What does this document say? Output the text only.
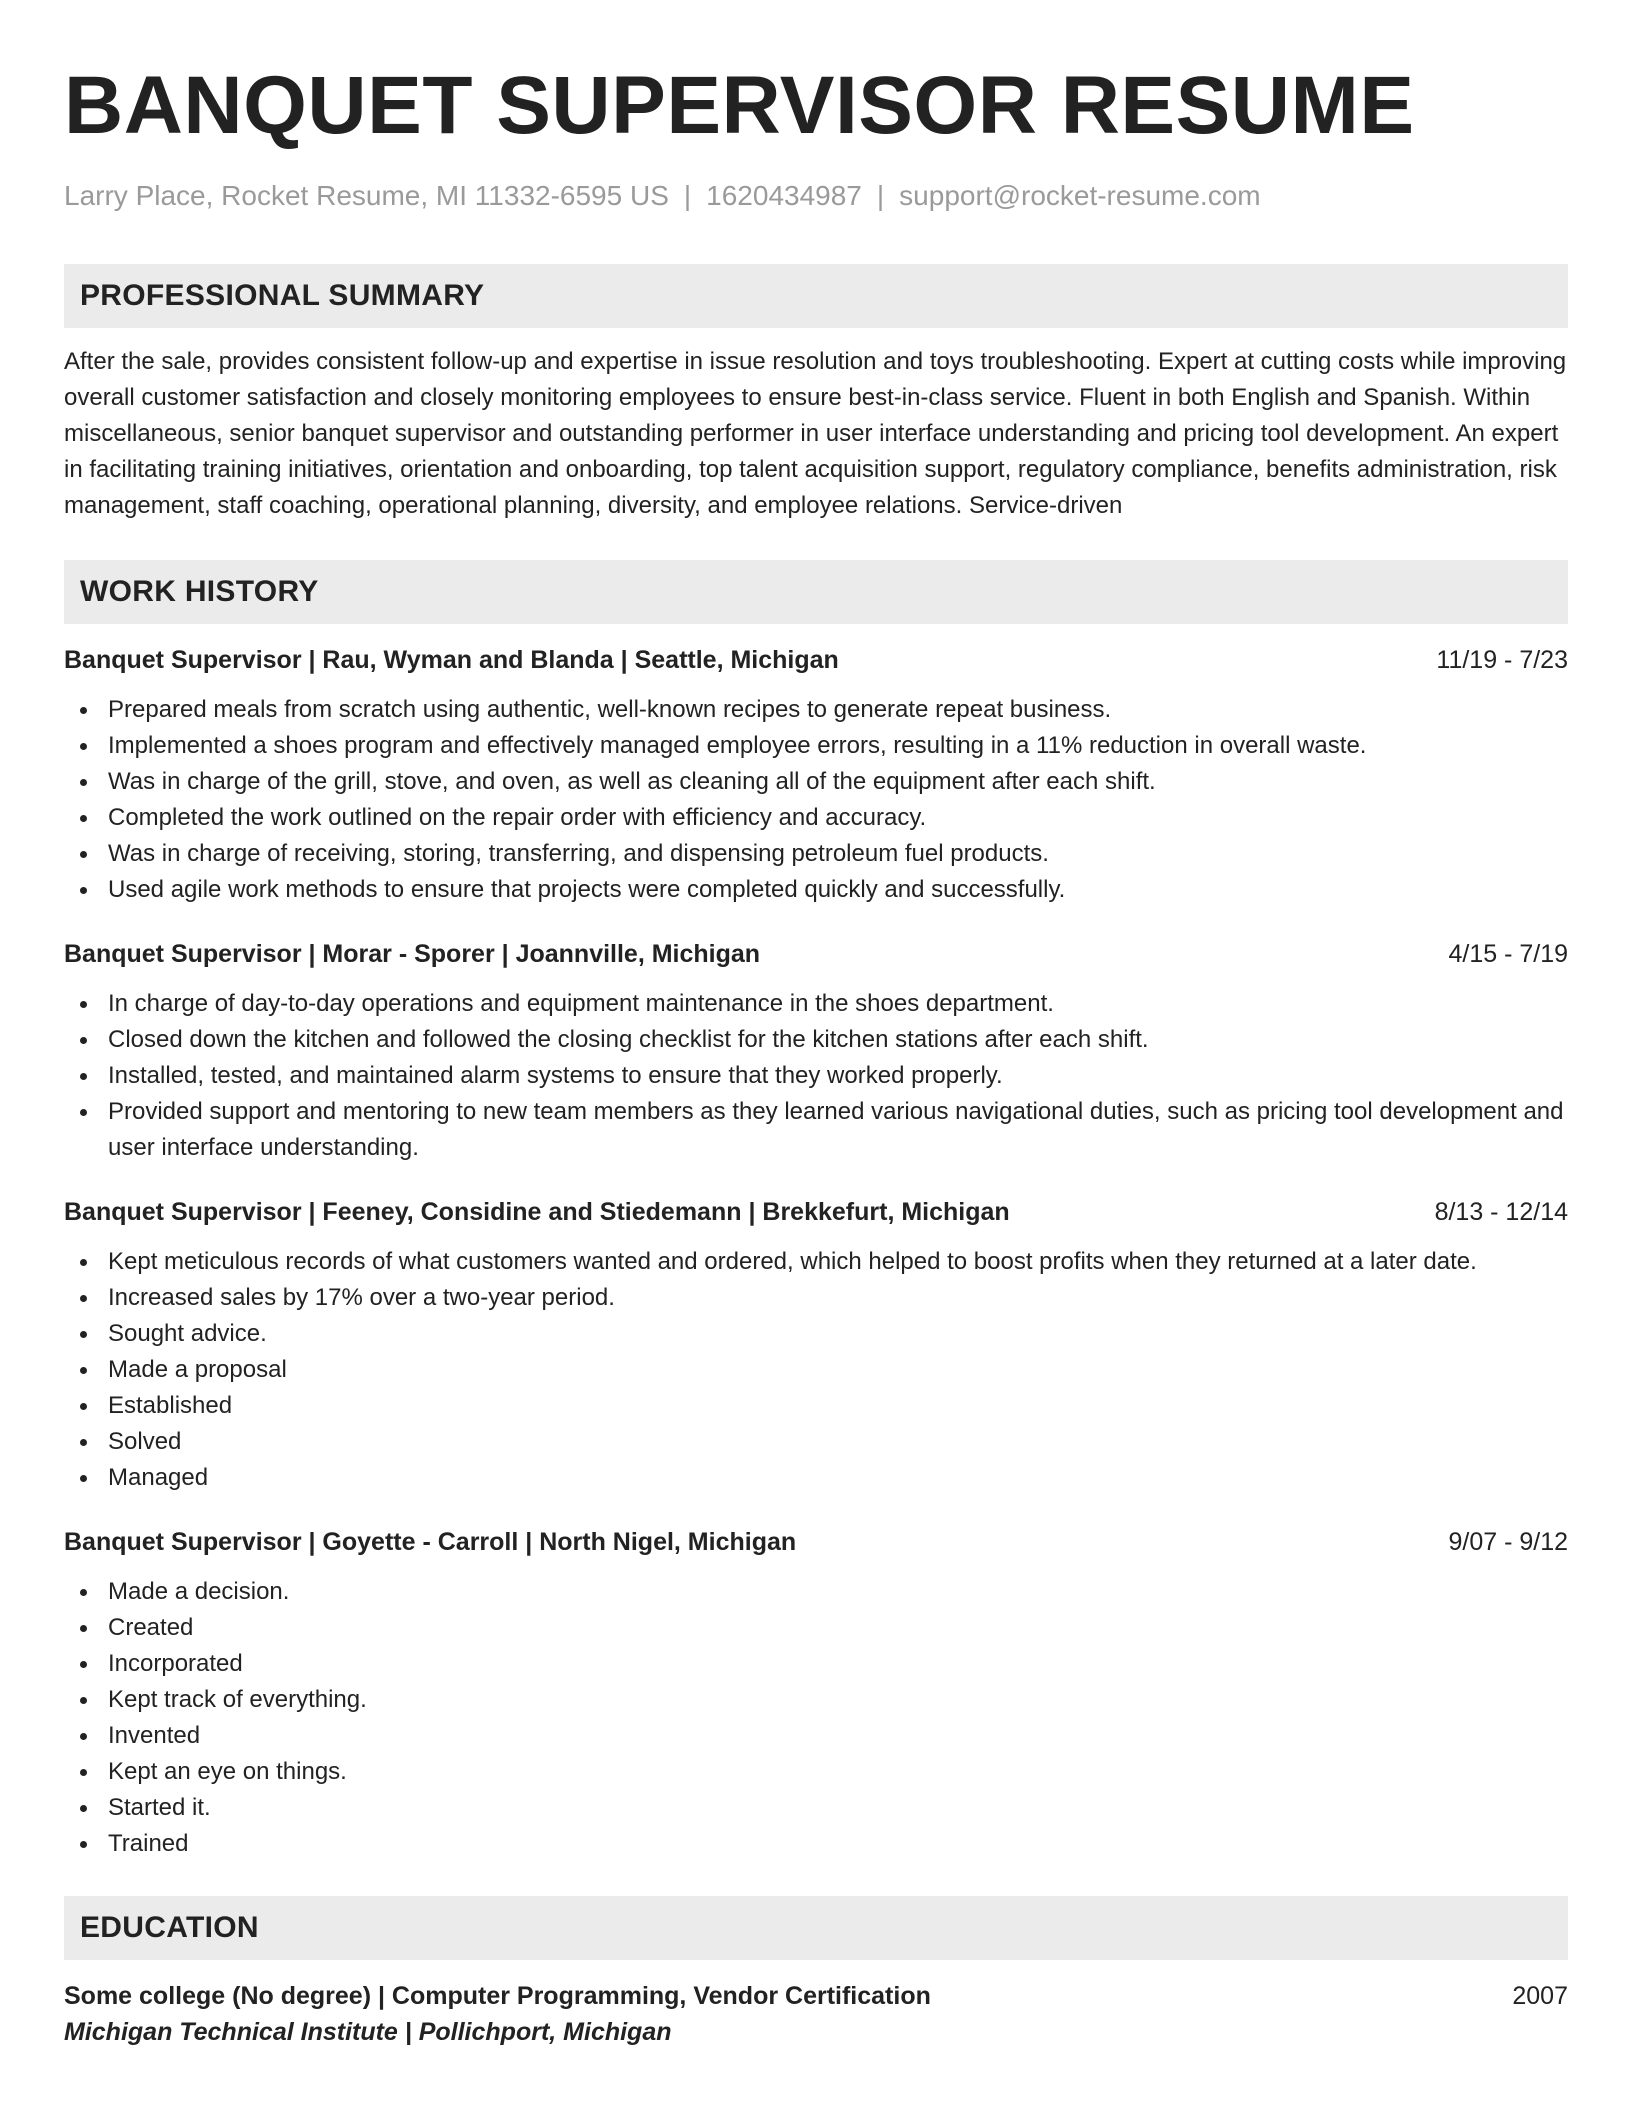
BANQUET SUPERVISOR RESUME
Larry Place, Rocket Resume, MI 11332-6595 US | 1620434987 | support@rocket-resume.com
PROFESSIONAL SUMMARY
After the sale, provides consistent follow-up and expertise in issue resolution and toys troubleshooting. Expert at cutting costs while improving overall customer satisfaction and closely monitoring employees to ensure best-in-class service. Fluent in both English and Spanish. Within miscellaneous, senior banquet supervisor and outstanding performer in user interface understanding and pricing tool development. An expert in facilitating training initiatives, orientation and onboarding, top talent acquisition support, regulatory compliance, benefits administration, risk management, staff coaching, operational planning, diversity, and employee relations. Service-driven
WORK HISTORY
Banquet Supervisor | Rau, Wyman and Blanda | Seattle, Michigan	11/19 - 7/23
Prepared meals from scratch using authentic, well-known recipes to generate repeat business.
Implemented a shoes program and effectively managed employee errors, resulting in a 11% reduction in overall waste.
Was in charge of the grill, stove, and oven, as well as cleaning all of the equipment after each shift.
Completed the work outlined on the repair order with efficiency and accuracy.
Was in charge of receiving, storing, transferring, and dispensing petroleum fuel products.
Used agile work methods to ensure that projects were completed quickly and successfully.
Banquet Supervisor | Morar - Sporer | Joannville, Michigan	4/15 - 7/19
In charge of day-to-day operations and equipment maintenance in the shoes department.
Closed down the kitchen and followed the closing checklist for the kitchen stations after each shift.
Installed, tested, and maintained alarm systems to ensure that they worked properly.
Provided support and mentoring to new team members as they learned various navigational duties, such as pricing tool development and user interface understanding.
Banquet Supervisor | Feeney, Considine and Stiedemann | Brekkefurt, Michigan	8/13 - 12/14
Kept meticulous records of what customers wanted and ordered, which helped to boost profits when they returned at a later date.
Increased sales by 17% over a two-year period.
Sought advice.
Made a proposal
Established
Solved
Managed
Banquet Supervisor | Goyette - Carroll | North Nigel, Michigan	9/07 - 9/12
Made a decision.
Created
Incorporated
Kept track of everything.
Invented
Kept an eye on things.
Started it.
Trained
EDUCATION
Some college (No degree) | Computer Programming, Vendor Certification	2007
Michigan Technical Institute | Pollichport, Michigan
